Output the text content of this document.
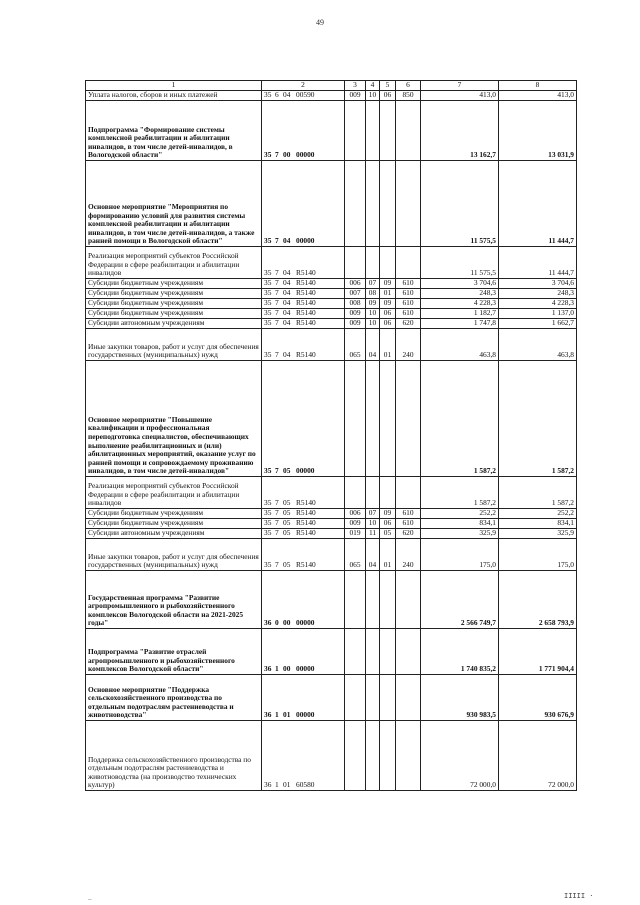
49
1	2	3	4	5	6	7	8
Уплата налогов, сборов и иных платежей	35 6 04 00590	009	10	06	850	413,0	413,0
Подпрограмма "Формирование системы комплексной реабилитации и абилитации инвалидов, в том числе детей-инвалидов, в Вологодской области"	35 7 00 00000					13 162,7	13 031,9
Основное мероприятие "Мероприятия по формированию условий для развития системы комплексной реабилитации и абилитации инвалидов, в том числе детей-инвалидов, а также ранней помощи в Вологодской области"	35 7 04 00000					11 575,5	11 444,7
Реализация мероприятий субъектов Российской Федерации в сфере реабилитации и абилитации инвалидов	35 7 04 R5140					11 575,5	11 444,7
Субсидии бюджетным учреждениям	35 7 04 R5140	006	07	09	610	3 704,6	3 704,6
Субсидии бюджетным учреждениям	35 7 04 R5140	007	08	01	610	248,3	248,3
Субсидии бюджетным учреждениям	35 7 04 R5140	008	09	09	610	4 228,3	4 228,3
Субсидии бюджетным учреждениям	35 7 04 R5140	009	10	06	610	1 182,7	1 137,0
Субсидии автономным учреждениям	35 7 04 R5140	009	10	06	620	1 747,8	1 662,7
Иные закупки товаров, работ и услуг для обеспечения государственных (муниципальных) нужд	35 7 04 R5140	065	04	01	240	463,8	463,8
Основное мероприятие "Повышение квалификации и профессиональная переподготовка специалистов, обеспечивающих выполнение реабилитационных и (или) абилитационных мероприятий, оказание услуг по ранней помощи и сопровождаемому проживанию инвалидов, в том числе детей-инвалидов"	35 7 05 00000					1 587,2	1 587,2
Реализация мероприятий субъектов Российской Федерации в сфере реабилитации и абилитации инвалидов	35 7 05 R5140					1 587,2	1 587,2
Субсидии бюджетным учреждениям	35 7 05 R5140	006	07	09	610	252,2	252,2
Субсидии бюджетным учреждениям	35 7 05 R5140	009	10	06	610	834,1	834,1
Субсидии автономным учреждениям	35 7 05 R5140	019	11	05	620	325,9	325,9
Иные закупки товаров, работ и услуг для обеспечения государственных (муниципальных) нужд	35 7 05 R5140	065	04	01	240	175,0	175,0
Государственная программа "Развитие агропромышленного и рыбохозяйственного комплексов Вологодской области на 2021-2025 годы"	36 0 00 00000					2 566 749,7	2 658 793,9
Подпрограмма "Развитие отраслей агропромышленного и рыбохозяйственного комплексов Вологодской области"	36 1 00 00000					1 740 835,2	1 771 904,4
Основное мероприятие "Поддержка сельскохозяйственного производства по отдельным подотраслям растениеводства и животноводства"	36 1 01 00000					930 983,5	930 676,9
Поддержка сельскохозяйственного производства по отдельным подотраслям растениеводства и животноводства (на производство технических культур)	36 1 01 60580					72 000,0	72 000,0
–	IIIII ·
